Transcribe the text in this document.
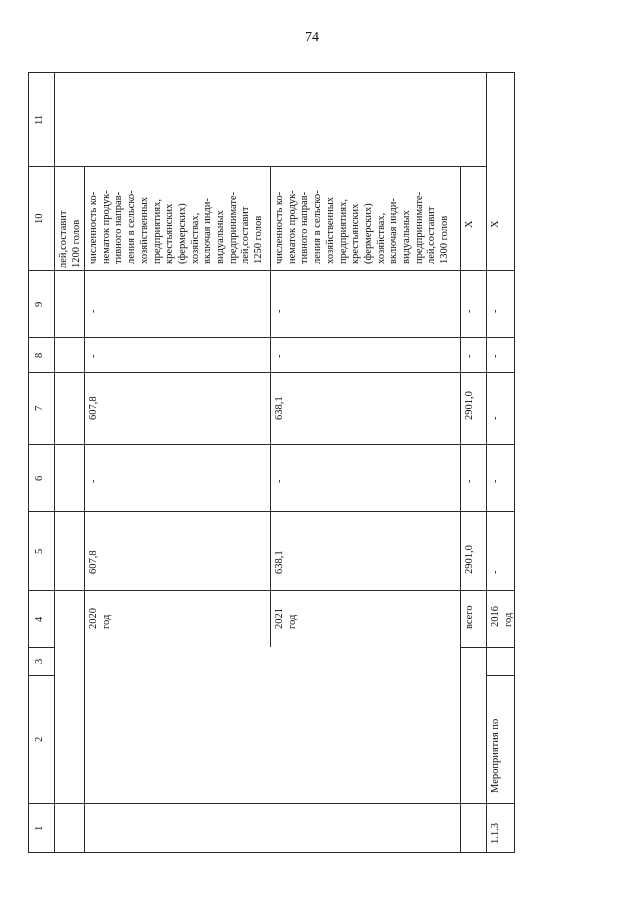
74
1
2
3
4
5
6
7
8
9
10
11
лей,составит 1200 голов
2020 год
607,8
-
607,8
-
-
численность ко- нематок продук- тивного направ- ления в сельско- хозяйственных предприятиях, крестьянских (фермерских) хозяйствах, включая инди- видуальных предпринимате- лей,составит 1250 голов
2021 год
638,1
-
638,1
-
-
численность ко- нематок продук- тивного направ- ления в сельско- хозяйственных предприятиях, крестьянских (фермерских) хозяйствах, включая инди- видуальных предпринимате- лей,составит 1300 голов
всего
2901,0
-
2901,0
-
-
Х
2016 год
-
-
-
-
-
Х
1.1.3
Мероприятия по
